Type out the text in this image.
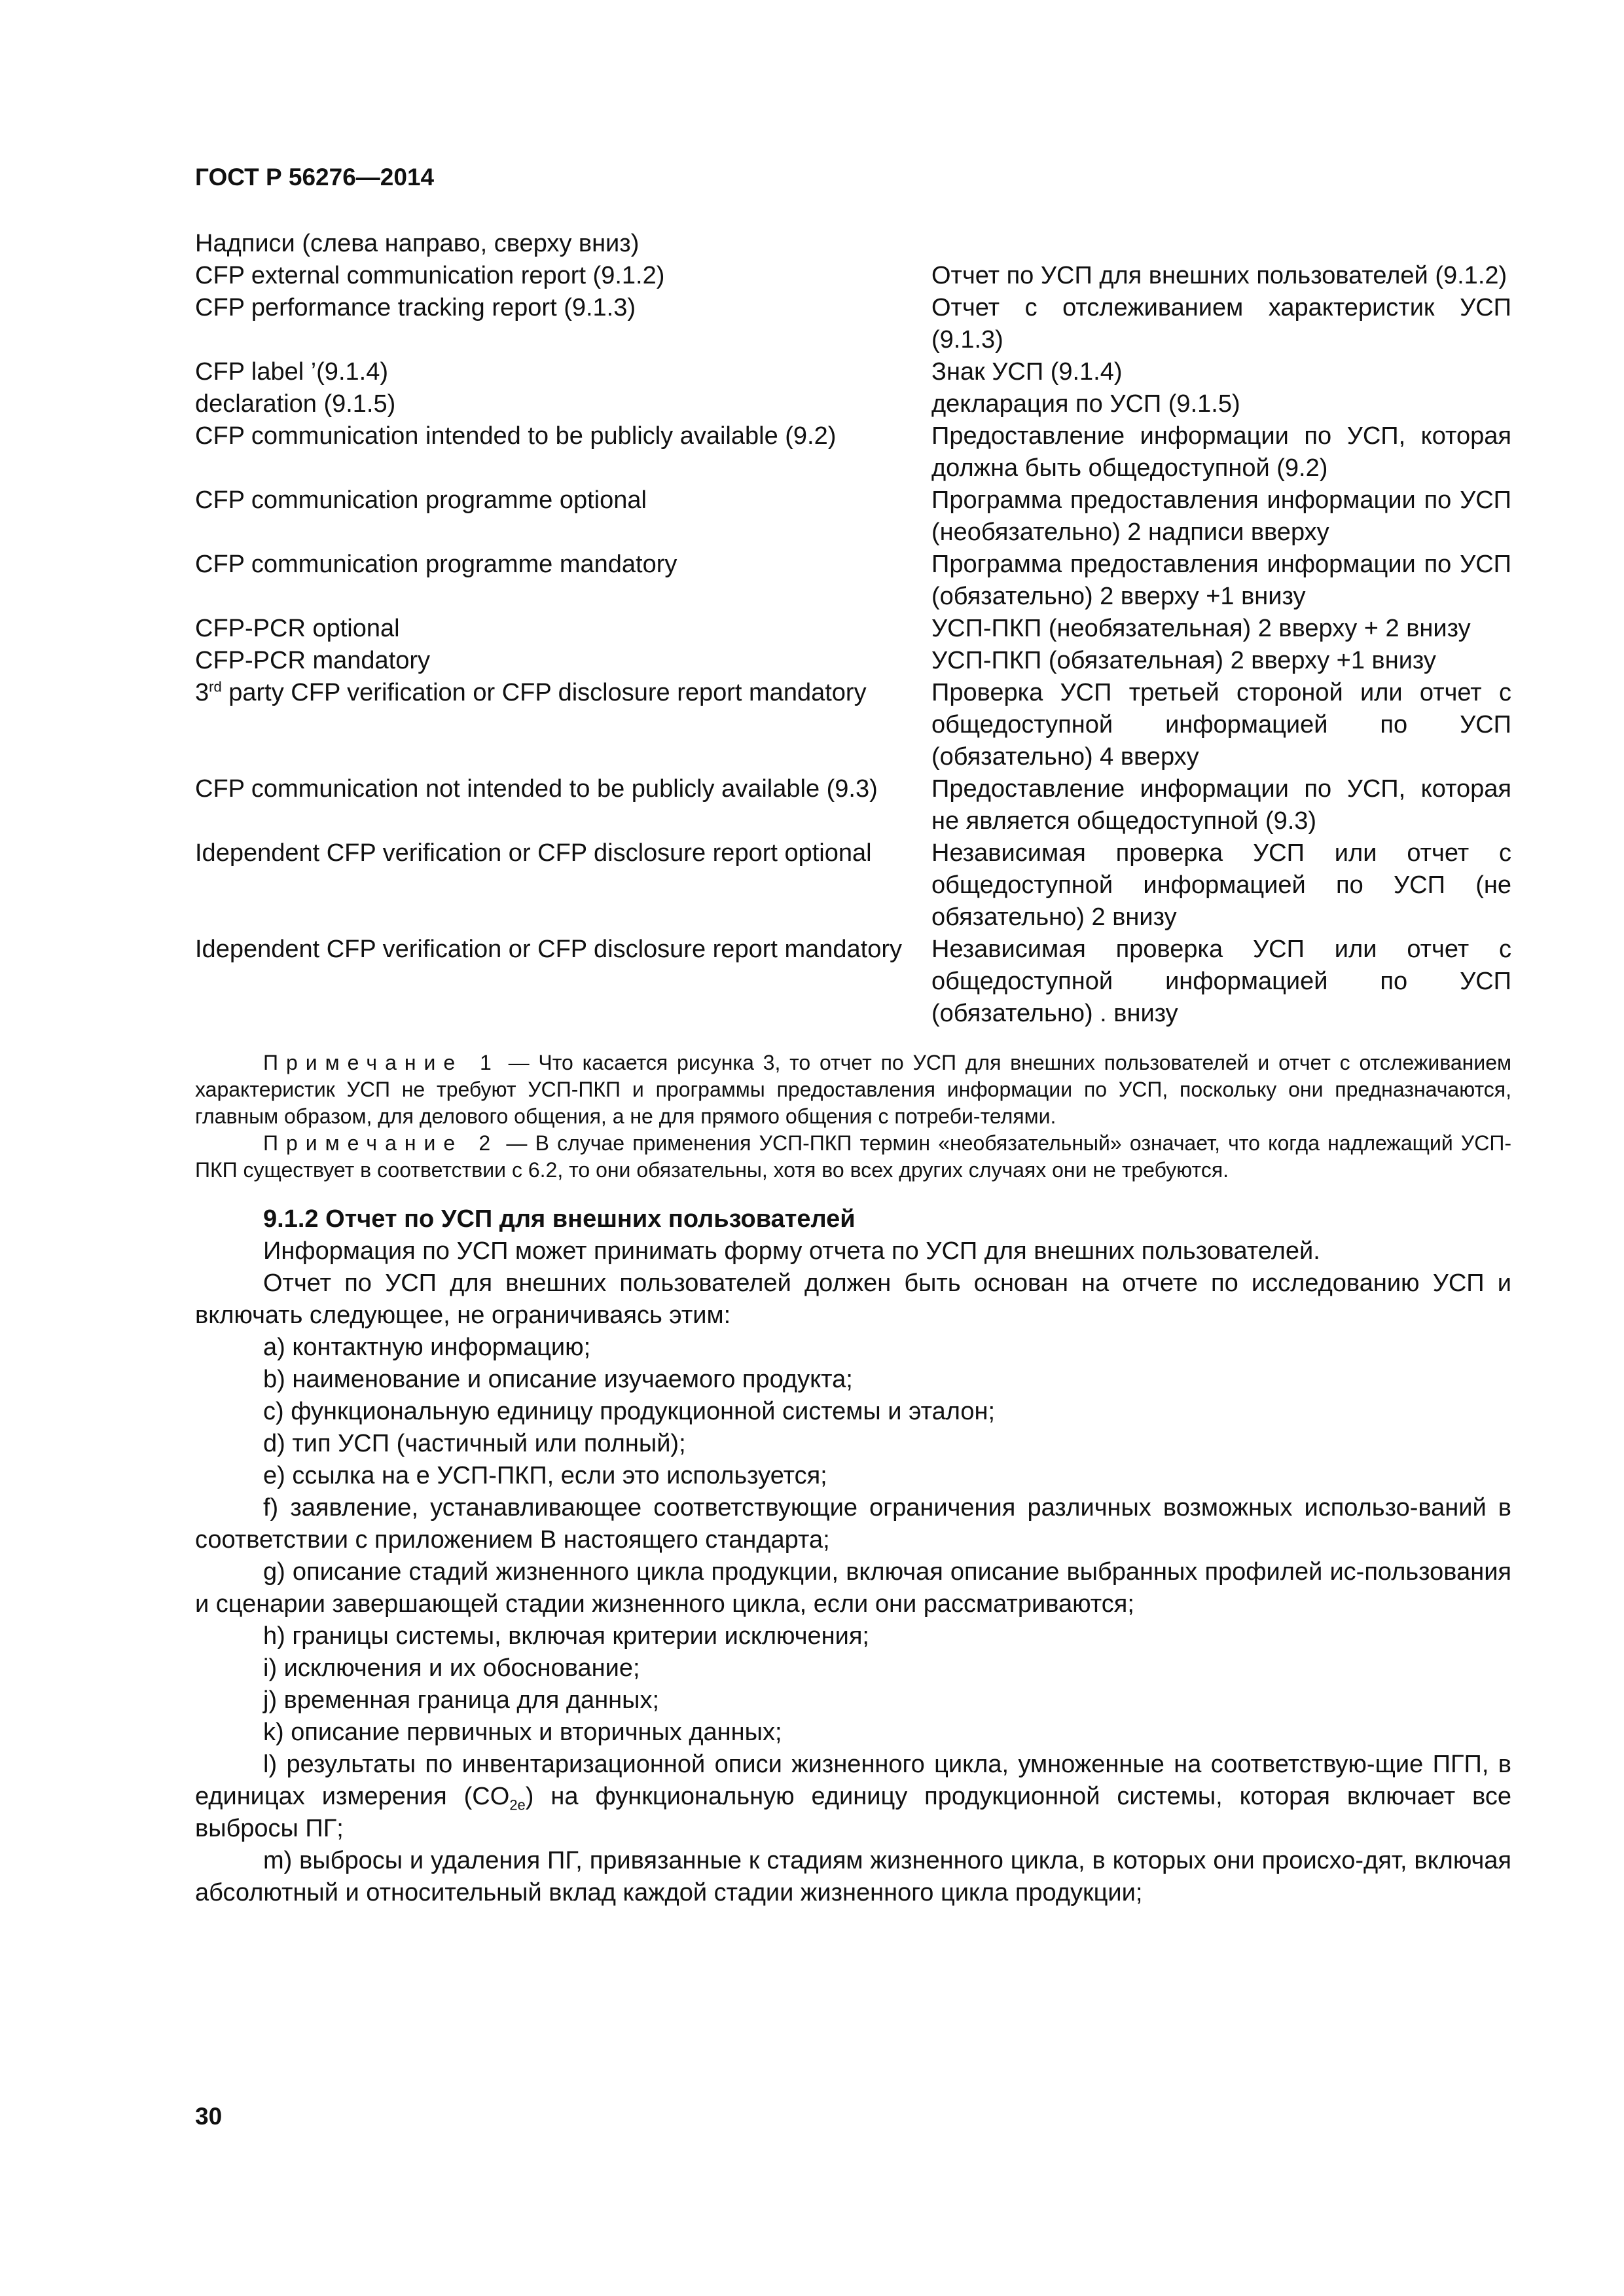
ГОСТ Р 56276—2014

Надписи (слева направо, сверху вниз)

CFP external communication report (9.1.2)	Отчет по УСП для внешних пользователей (9.1.2)
CFP performance tracking report (9.1.3)	Отчет с отслеживанием характеристик УСП (9.1.3)
CFP label ’(9.1.4)	Знак УСП (9.1.4)
declaration (9.1.5)	декларация по УСП (9.1.5)
CFP communication intended to be publicly available (9.2)	Предоставление информации по УСП, которая должна быть общедоступной (9.2)
CFP communication programme optional	Программа предоставления информации по УСП (необязательно) 2 надписи вверху
CFP communication programme mandatory	Программа предоставления информации по УСП (обязательно) 2 вверху +1 внизу
CFP-PCR optional	УСП-ПКП (необязательная) 2 вверху + 2 внизу
CFP-PCR mandatory	УСП-ПКП (обязательная) 2 вверху +1 внизу
3rd party CFP verification or CFP disclosure report mandatory	Проверка УСП третьей стороной или отчет с общедоступной информацией по УСП (обязательно) 4 вверху
CFP communication not intended to be publicly available (9.3)	Предоставление информации по УСП, которая не является общедоступной (9.3)
Idependent CFP verification or CFP disclosure report optional	Независимая проверка УСП или отчет с общедоступной информацией по УСП (не обязательно) 2 внизу
Idependent CFP verification or CFP disclosure report mandatory	Независимая проверка УСП или отчет с общедоступной информацией по УСП (обязательно) . внизу

Примечание 1 — Что касается рисунка 3, то отчет по УСП для внешних пользователей и отчет с отслеживанием характеристик УСП не требуют УСП-ПКП и программы предоставления информации по УСП, поскольку они предназначаются, главным образом, для делового общения, а не для прямого общения с потреби-телями.

Примечание 2 — В случае применения УСП-ПКП термин «необязательный» означает, что когда надлежащий УСП-ПКП существует в соответствии с 6.2, то они обязательны, хотя во всех других случаях они не требуются.

9.1.2 Отчет по УСП для внешних пользователей

Информация по УСП может принимать форму отчета по УСП для внешних пользователей.

Отчет по УСП для внешних пользователей должен быть основан на отчете по исследованию УСП и включать следующее, не ограничиваясь этим:

а) контактную информацию;

b) наименование и описание изучаемого продукта;

c) функциональную единицу продукционной системы и эталон;

d) тип УСП (частичный или полный);

e) ссылка на е УСП-ПКП, если это используется;

f) заявление, устанавливающее соответствующие ограничения различных возможных использо-ваний в соответствии с приложением В настоящего стандарта;

g) описание стадий жизненного цикла продукции, включая описание выбранных профилей ис-пользования и сценарии завершающей стадии жизненного цикла, если они рассматриваются;

h) границы системы, включая критерии исключения;

i) исключения и их обоснование;

j) временная граница для данных;

k) описание первичных и вторичных данных;

l) результаты по инвентаризационной описи жизненного цикла, умноженные на соответствую-щие ПГП, в единицах измерения $(CO_{2e})$ на функциональную единицу продукционной системы, которая включает все выбросы ПГ;

m) выбросы и удаления ПГ, привязанные к стадиям жизненного цикла, в которых они происхо-дят, включая абсолютный и относительный вклад каждой стадии жизненного цикла продукции;

30
